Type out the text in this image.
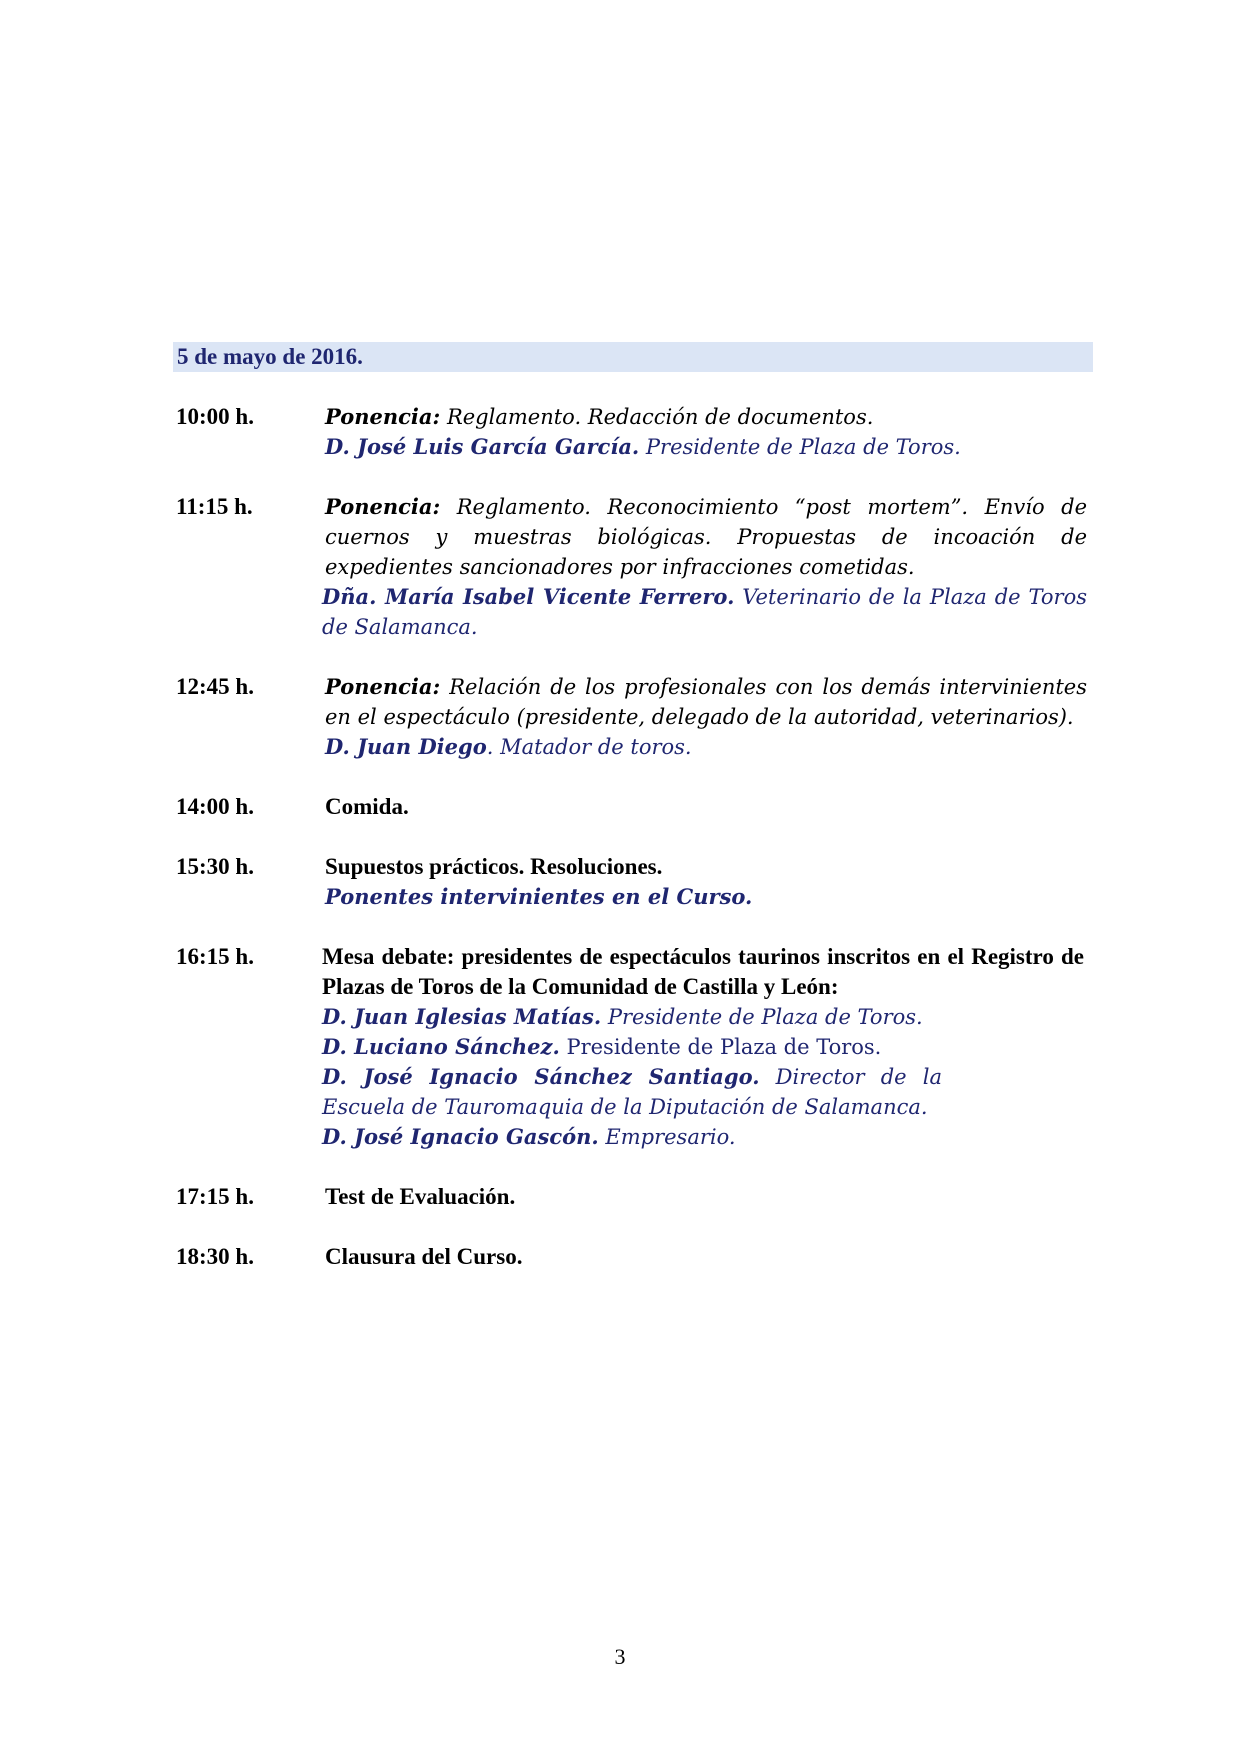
5 de mayo de 2016.
10:00 h.	Ponencia: Reglamento. Redacción de documentos.
D. José Luis García García. Presidente de Plaza de Toros.
11:15 h.	Ponencia: Reglamento. Reconocimiento “post mortem”. Envío de cuernos y muestras biológicas. Propuestas de incoación de expedientes sancionadores por infracciones cometidas.
Dña. María Isabel Vicente Ferrero. Veterinario de la Plaza de Toros de Salamanca.
12:45 h.	Ponencia: Relación de los profesionales con los demás intervinientes en el espectáculo (presidente, delegado de la autoridad, veterinarios).
D. Juan Diego. Matador de toros.
14:00 h.	Comida.
15:30 h.	Supuestos prácticos. Resoluciones.
Ponentes intervinientes en el Curso.
16:15 h.	Mesa debate: presidentes de espectáculos taurinos inscritos en el Registro de Plazas de Toros de la Comunidad de Castilla y León:
D. Juan Iglesias Matías. Presidente de Plaza de Toros.
D. Luciano Sánchez. Presidente de Plaza de Toros.
D. José Ignacio Sánchez Santiago. Director de la Escuela de Tauromaquia de la Diputación de Salamanca.
D. José Ignacio Gascón. Empresario.
17:15 h.	Test de Evaluación.
18:30 h.	Clausura del Curso.
3
